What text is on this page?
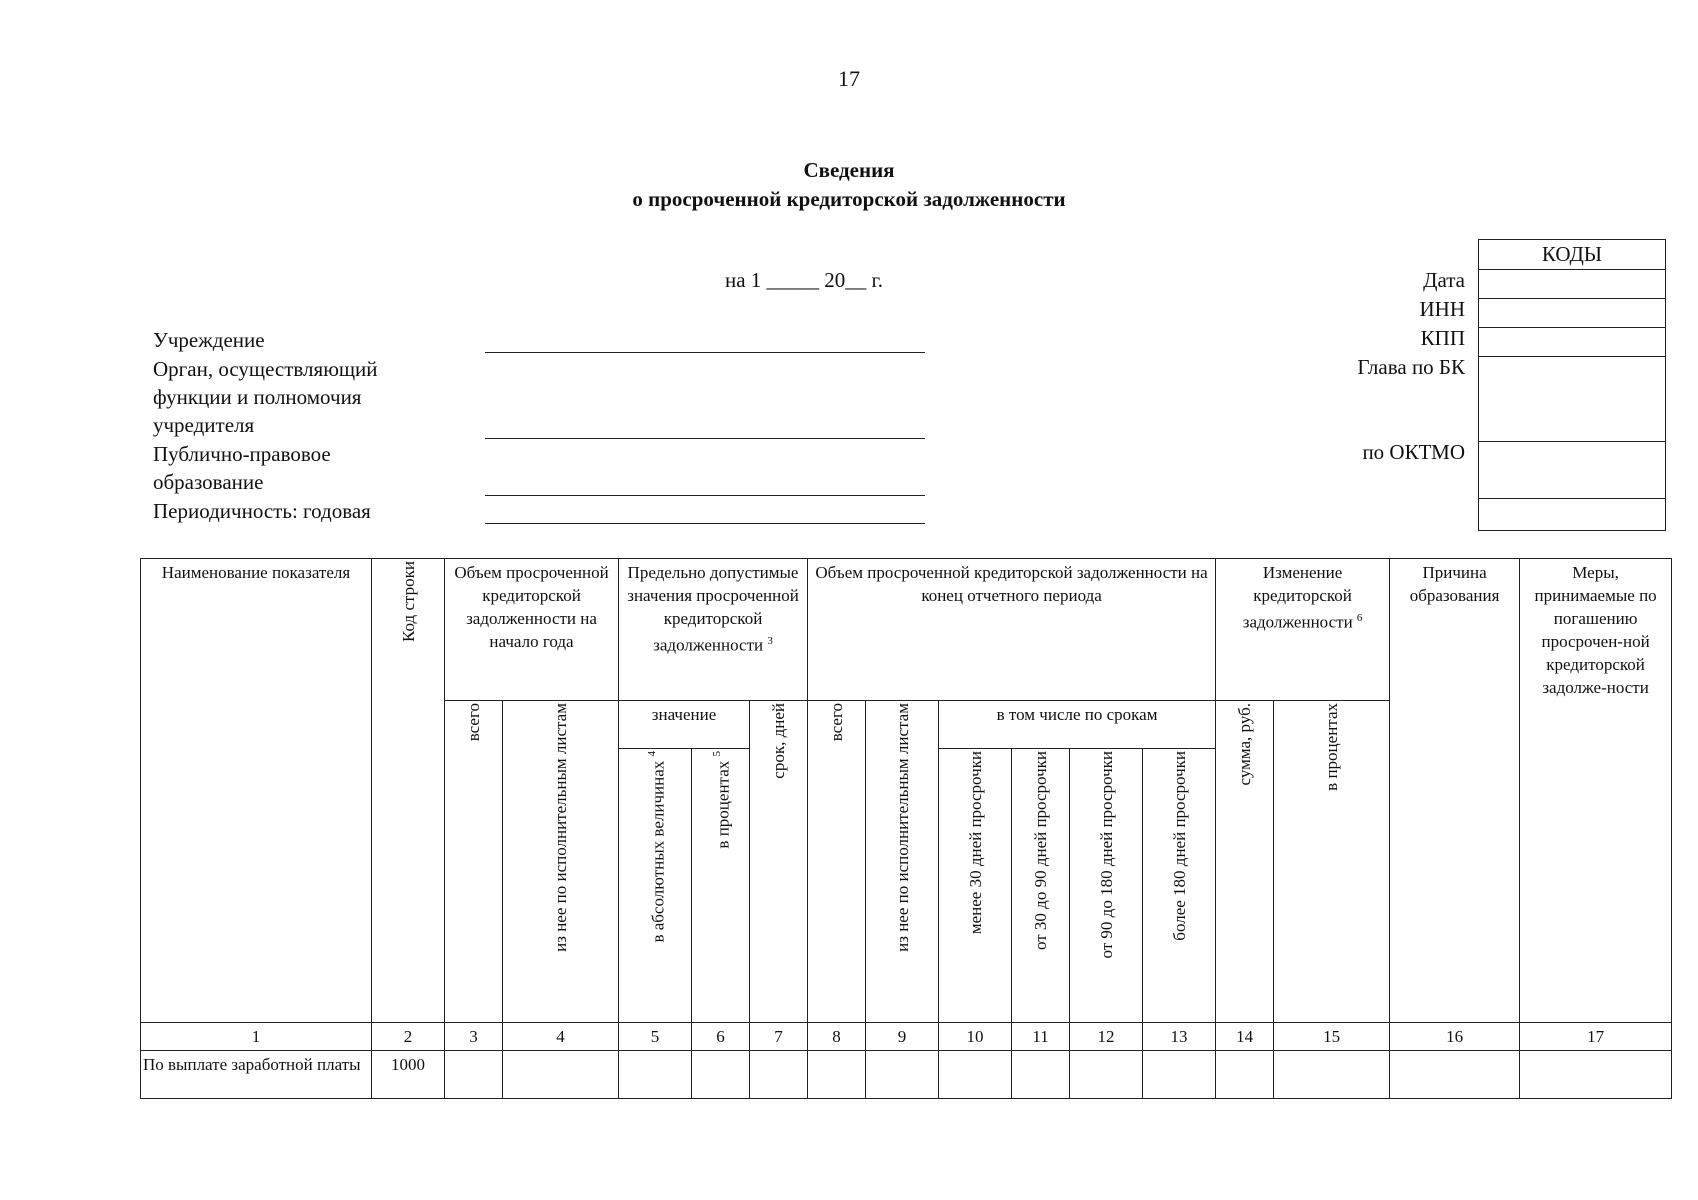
17
Сведения
о просроченной кредиторской задолженности
на 1 _____ 20__ г.
Учреждение
Орган, осуществляющий
функции и полномочия
учредителя
Публично-правовое
образование
Периодичность: годовая
Дата
ИНН
КПП
Глава по БК
по ОКТМО
КОДЫ
Наименование показателя	Код строки	Объем просроченной кредиторской задолженности на начало года		Предельно допустимые значения просроченной кредиторской задолженности $^3$			Объем просроченной кредиторской задолженности на конец отчетного периода						Изменение кредиторской задолженности $^6$		Причина образования	Меры, принимаемые по погашению просрочен-ной кредиторской задолже-ности
		всего	из нее по исполнительным листам	значение		срок, дней	всего	из нее по исполнительным листам	в том числе по срокам				сумма, руб.	в процентах		
				в абсолютных величинах $^4$	в процентах $^5$				менее 30 дней просрочки	от 30 до 90 дней просрочки	от 90 до 180 дней просрочки	более 180 дней просрочки				
1	2	3	4	5	6	7	8	9	10	11	12	13	14	15	16	17
По выплате заработной платы	1000															
